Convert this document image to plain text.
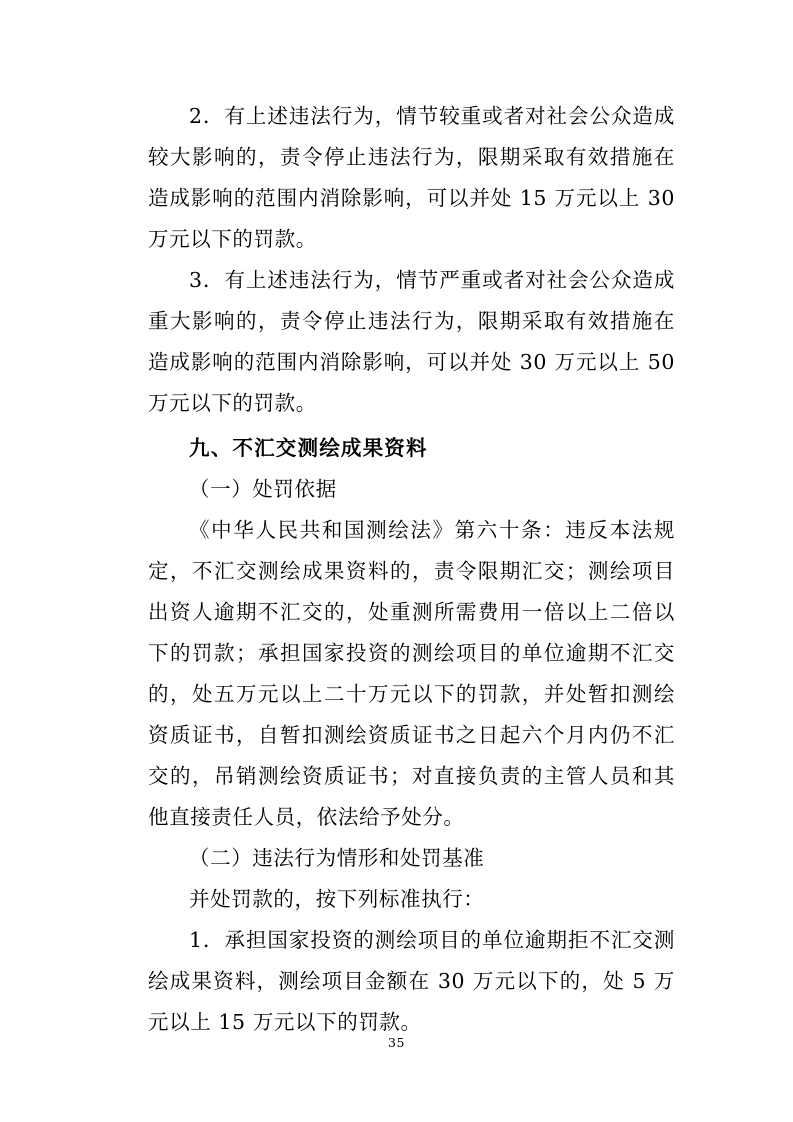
2．有上述违法行为，情节较重或者对社会公众造成较大影响的，责令停止违法行为，限期采取有效措施在造成影响的范围内消除影响，可以并处 15 万元以上 30 万元以下的罚款。

3．有上述违法行为，情节严重或者对社会公众造成重大影响的，责令停止违法行为，限期采取有效措施在造成影响的范围内消除影响，可以并处 30 万元以上 50 万元以下的罚款。

九、不汇交测绘成果资料

（一）处罚依据

《中华人民共和国测绘法》第六十条：违反本法规定，不汇交测绘成果资料的，责令限期汇交；测绘项目出资人逾期不汇交的，处重测所需费用一倍以上二倍以下的罚款；承担国家投资的测绘项目的单位逾期不汇交的，处五万元以上二十万元以下的罚款，并处暂扣测绘资质证书，自暂扣测绘资质证书之日起六个月内仍不汇交的，吊销测绘资质证书；对直接负责的主管人员和其他直接责任人员，依法给予处分。

（二）违法行为情形和处罚基准

并处罚款的，按下列标准执行：

1．承担国家投资的测绘项目的单位逾期拒不汇交测绘成果资料，测绘项目金额在 30 万元以下的，处 5 万元以上 15 万元以下的罚款。

35
